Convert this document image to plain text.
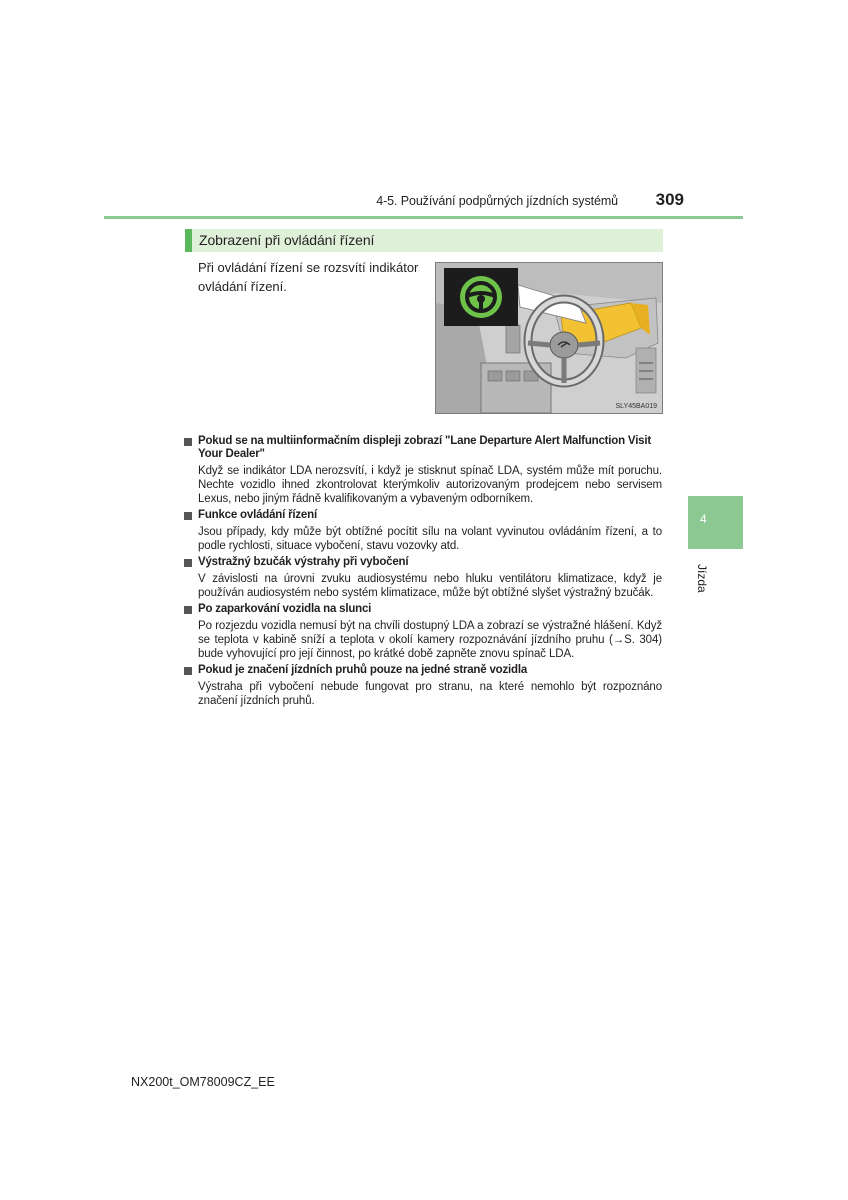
4-5. Používání podpůrných jízdních systémů	309
Zobrazení při ovládání řízení
Při ovládání řízení se rozsvítí indikátor ovládání řízení.
SLY45BA019
Pokud se na multiinformačním displeji zobrazí "Lane Departure Alert Malfunction Visit Your Dealer"
Když se indikátor LDA nerozsvítí, i když je stisknut spínač LDA, systém může mít poruchu. Nechte vozidlo ihned zkontrolovat kterýmkoliv autorizovaným prodejcem nebo servisem Lexus, nebo jiným řádně kvalifikovaným a vybaveným odborníkem.
Funkce ovládání řízení
Jsou případy, kdy může být obtížné pocítit sílu na volant vyvinutou ovládáním řízení, a to podle rychlosti, situace vybočení, stavu vozovky atd.
Výstražný bzučák výstrahy při vybočení
V závislosti na úrovni zvuku audiosystému nebo hluku ventilátoru klimatizace, když je používán audiosystém nebo systém klimatizace, může být obtížné slyšet výstražný bzučák.
Po zaparkování vozidla na slunci
Po rozjezdu vozidla nemusí být na chvíli dostupný LDA a zobrazí se výstražné hlášení. Když se teplota v kabině sníží a teplota v okolí kamery rozpoznávání jízdního pruhu (→S. 304) bude vyhovující pro její činnost, po krátké době zapněte znovu spínač LDA.
Pokud je značení jízdních pruhů pouze na jedné straně vozidla
Výstraha při vybočení nebude fungovat pro stranu, na které nemohlo být rozpoznáno značení jízdních pruhů.
4
Jízda
NX200t_OM78009CZ_EE
